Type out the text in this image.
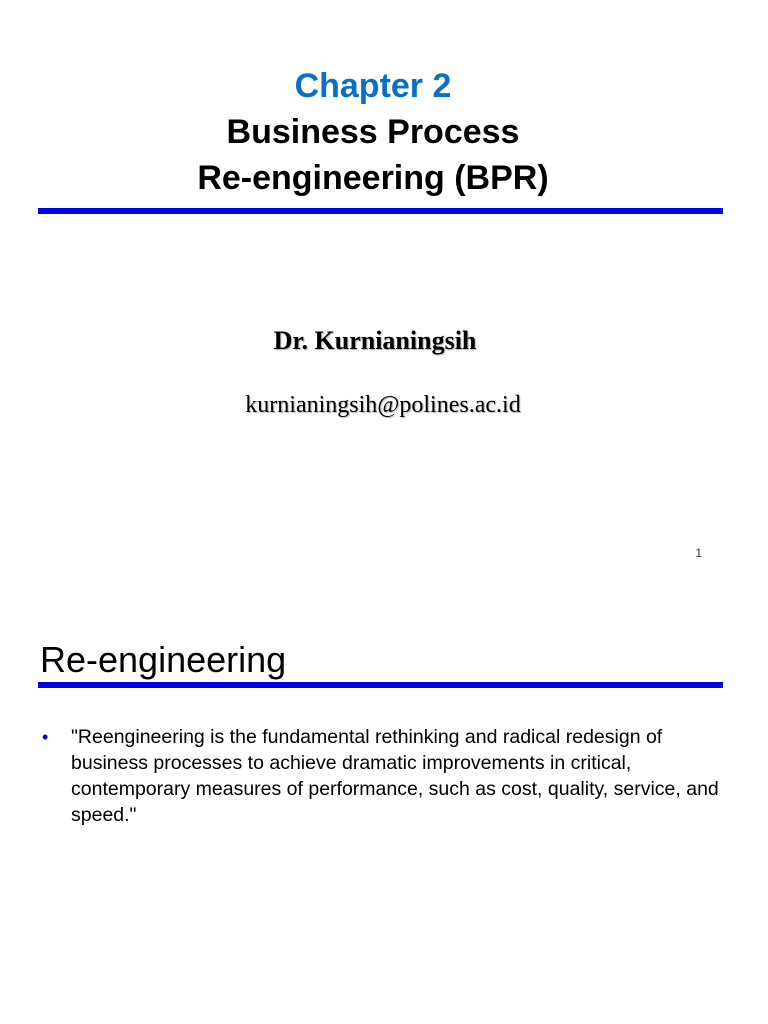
Chapter 2
Business Process
Re-engineering (BPR)
Dr. Kurnianingsih
kurnianingsih@polines.ac.id
1
Re-engineering
• "Reengineering is the fundamental rethinking and radical redesign of business processes to achieve dramatic improvements in critical, contemporary measures of performance, such as cost, quality, service, and speed."
